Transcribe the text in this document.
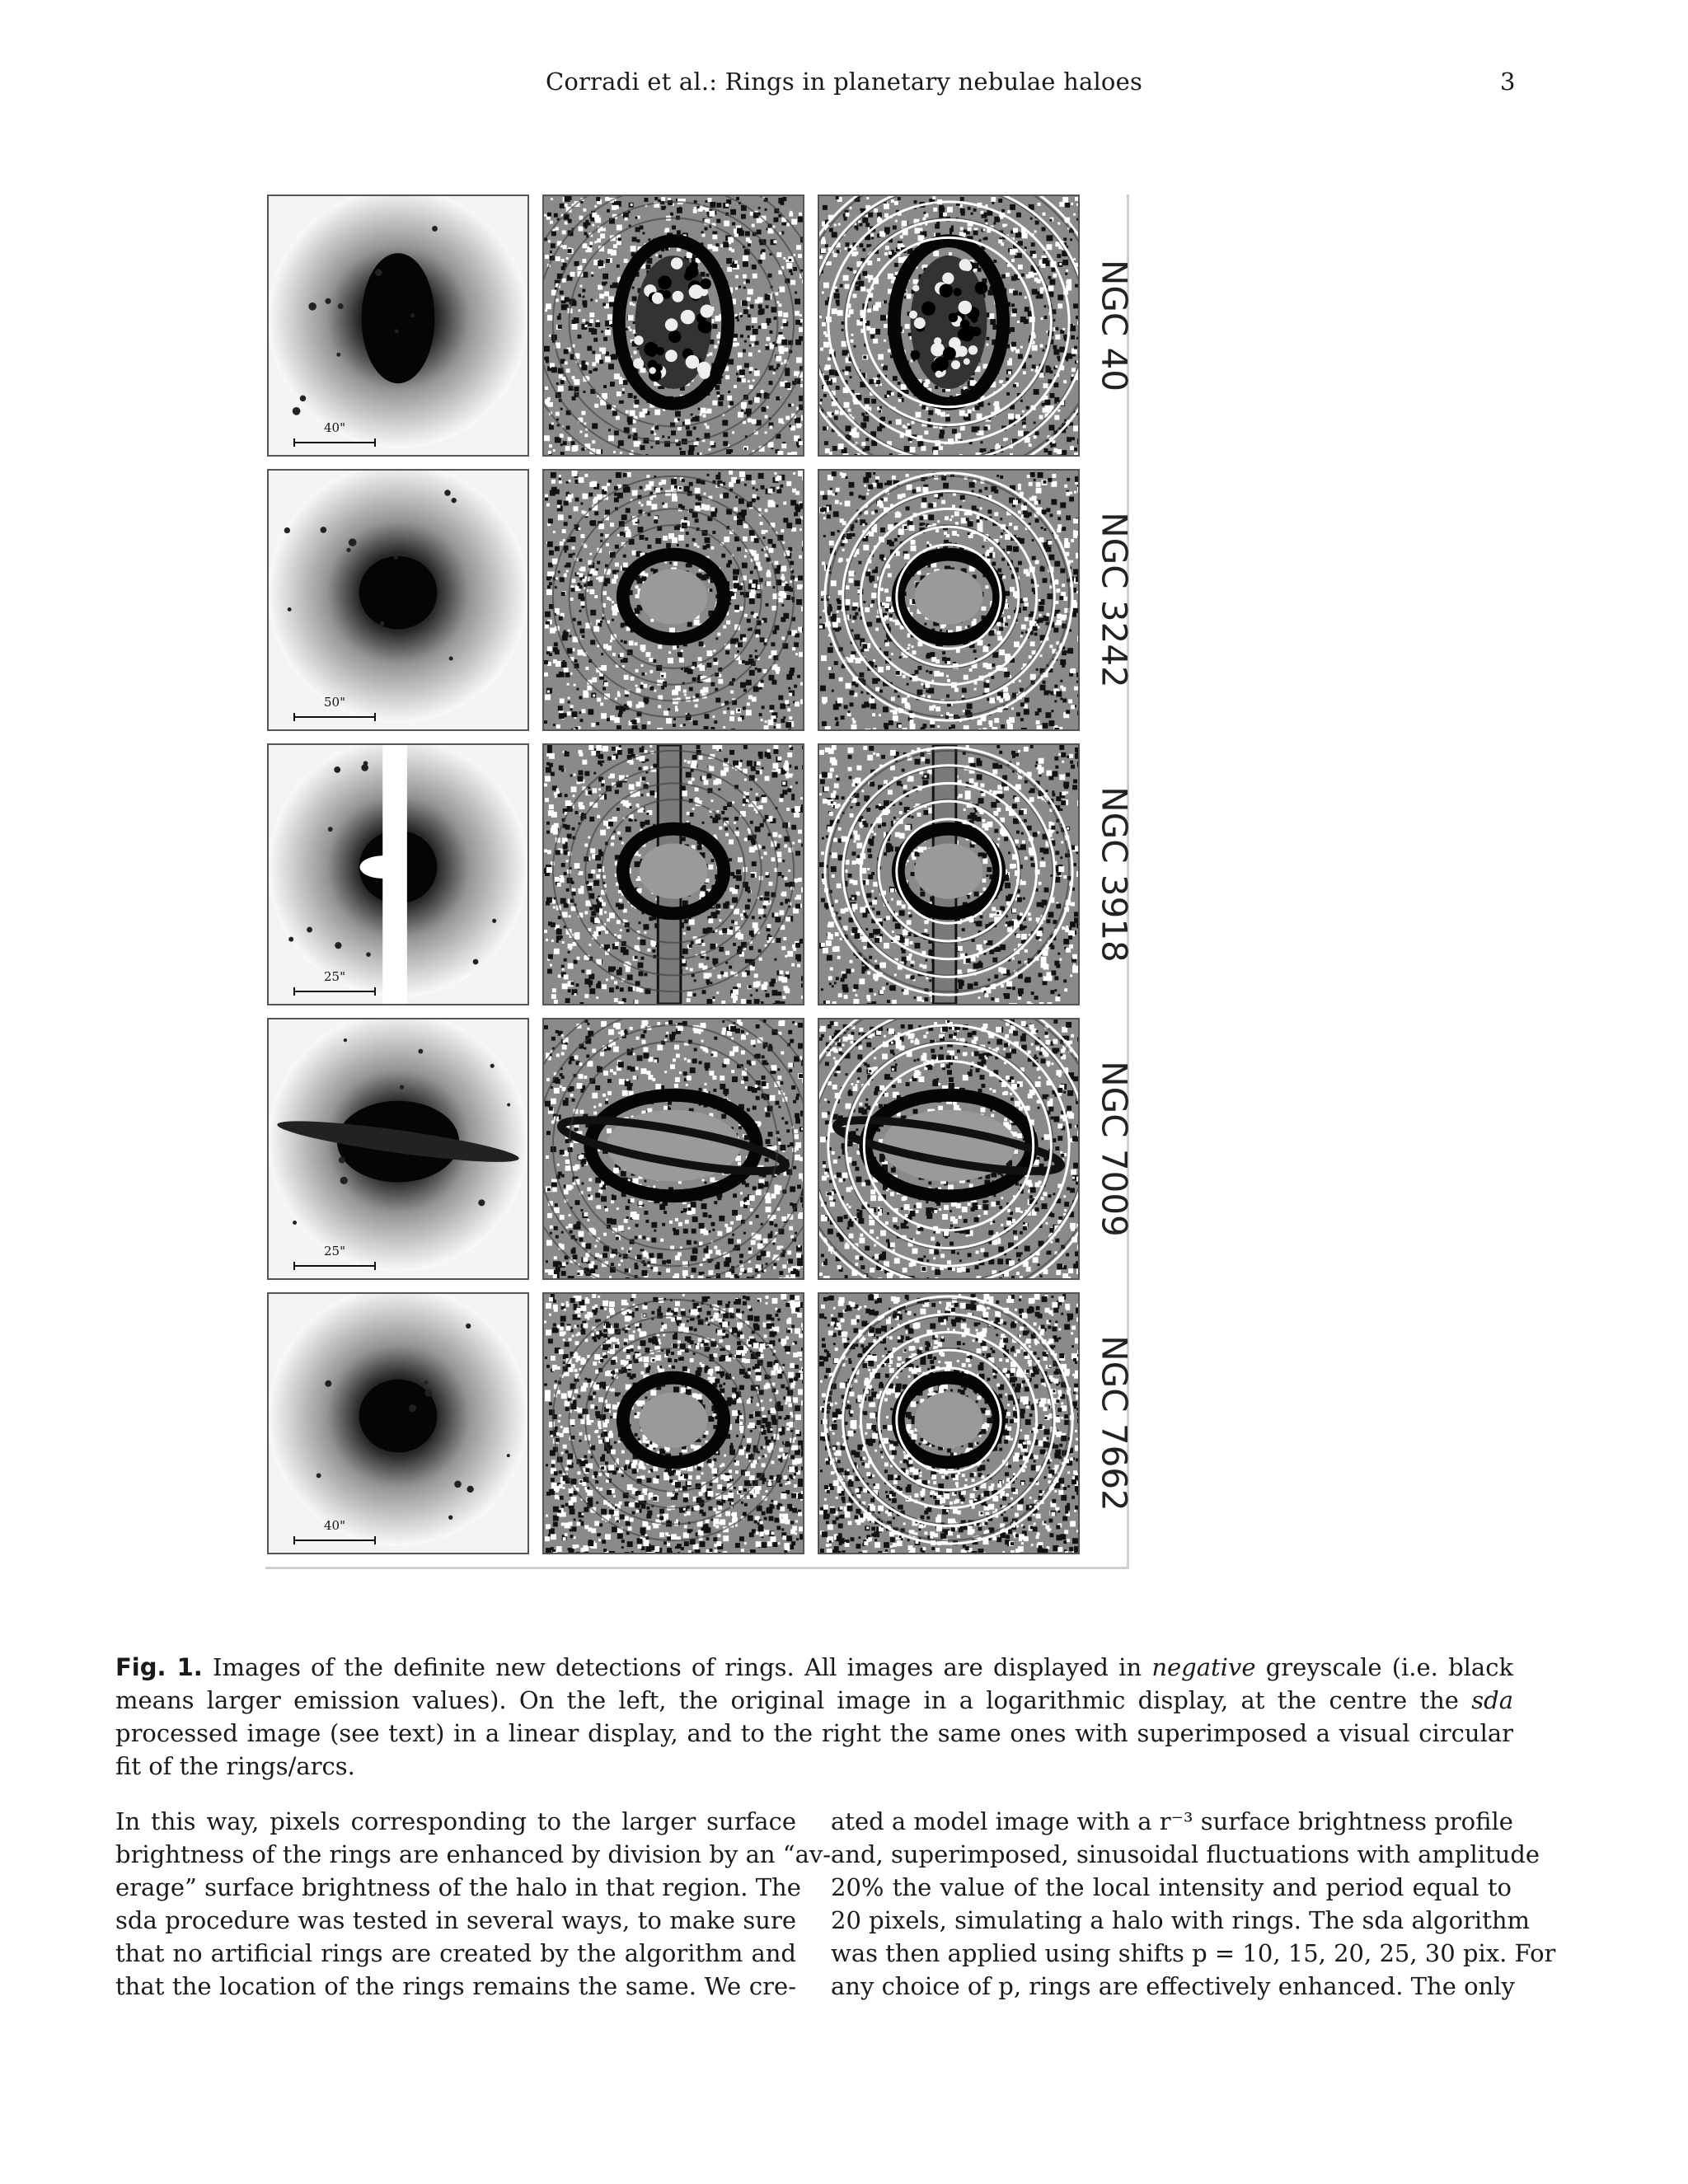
Corradi et al.: Rings in planetary nebulae haloes	3
40"
NGC 40
50"
NGC 3242
25"
NGC 3918
25"
NGC 7009
40"
NGC 7662
Fig. 1. Images of the definite new detections of rings. All images are displayed in negative greyscale (i.e. black means larger emission values). On the left, the original image in a logarithmic display, at the centre the sda processed image (see text) in a linear display, and to the right the same ones with superimposed a visual circular fit of the rings/arcs.
In this way, pixels corresponding to the larger surface
brightness of the rings are enhanced by division by an “av-
erage” surface brightness of the halo in that region. The
sda procedure was tested in several ways, to make sure
that no artificial rings are created by the algorithm and
that the location of the rings remains the same. We cre-
ated a model image with a r⁻³ surface brightness profile
and, superimposed, sinusoidal fluctuations with amplitude
20% the value of the local intensity and period equal to
20 pixels, simulating a halo with rings. The sda algorithm
was then applied using shifts p = 10, 15, 20, 25, 30 pix. For
any choice of p, rings are effectively enhanced. The only
